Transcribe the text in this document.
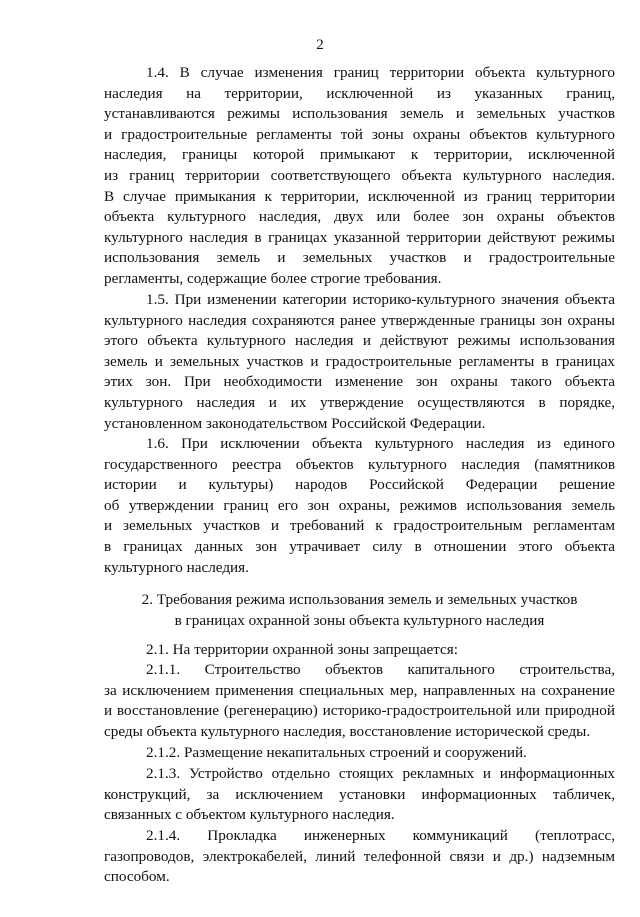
2
1.4. В случае изменения границ территории объекта культурного
наследия на территории, исключенной из указанных границ,
устанавливаются режимы использования земель и земельных участков
и градостроительные регламенты той зоны охраны объектов культурного
наследия, границы которой примыкают к территории, исключенной
из границ территории соответствующего объекта культурного наследия.
В случае примыкания к территории, исключенной из границ территории
объекта культурного наследия, двух или более зон охраны объектов
культурного наследия в границах указанной территории действуют режимы
использования земель и земельных участков и градостроительные
регламенты, содержащие более строгие требования.
1.5. При изменении категории историко-культурного значения объекта
культурного наследия сохраняются ранее утвержденные границы зон охраны
этого объекта культурного наследия и действуют режимы использования
земель и земельных участков и градостроительные регламенты в границах
этих зон. При необходимости изменение зон охраны такого объекта
культурного наследия и их утверждение осуществляются в порядке,
установленном законодательством Российской Федерации.
1.6. При исключении объекта культурного наследия из единого
государственного реестра объектов культурного наследия (памятников
истории и культуры) народов Российской Федерации решение
об утверждении границ его зон охраны, режимов использования земель
и земельных участков и требований к градостроительным регламентам
в границах данных зон утрачивает силу в отношении этого объекта
культурного наследия.
2. Требования режима использования земель и земельных участков
в границах охранной зоны объекта культурного наследия
2.1. На территории охранной зоны запрещается:
2.1.1. Строительство объектов капитального строительства,
за исключением применения специальных мер, направленных на сохранение
и восстановление (регенерацию) историко-градостроительной или природной
среды объекта культурного наследия, восстановление исторической среды.
2.1.2. Размещение некапитальных строений и сооружений.
2.1.3. Устройство отдельно стоящих рекламных и информационных
конструкций, за исключением установки информационных табличек,
связанных с объектом культурного наследия.
2.1.4. Прокладка инженерных коммуникаций (теплотрасс,
газопроводов, электрокабелей, линий телефонной связи и др.) надземным
способом.
